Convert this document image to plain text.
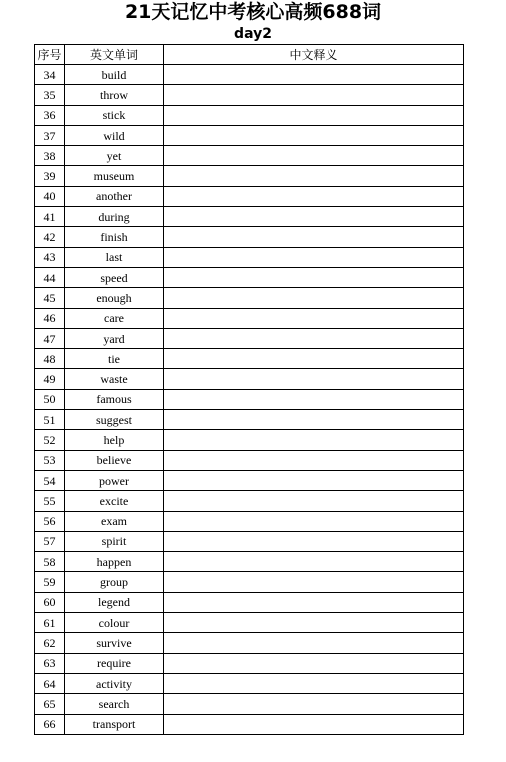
21天记忆中考核心高频688词
day2
序号	英文单词	中文释义
34	build	
35	throw	
36	stick	
37	wild	
38	yet	
39	museum	
40	another	
41	during	
42	finish	
43	last	
44	speed	
45	enough	
46	care	
47	yard	
48	tie	
49	waste	
50	famous	
51	suggest	
52	help	
53	believe	
54	power	
55	excite	
56	exam	
57	spirit	
58	happen	
59	group	
60	legend	
61	colour	
62	survive	
63	require	
64	activity	
65	search	
66	transport	
